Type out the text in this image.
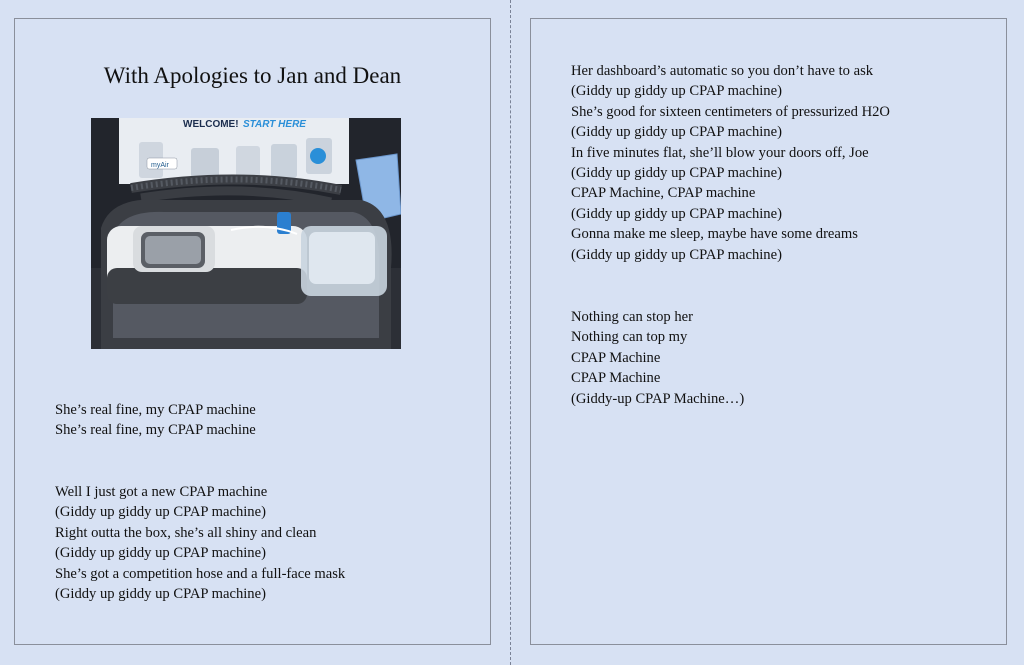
With Apologies to Jan and Dean
WELCOME! START HERE
myAir
She’s real fine, my CPAP machine
She’s real fine, my CPAP machine
Well I just got a new CPAP machine
(Giddy up giddy up CPAP machine)
Right outta the box, she’s all shiny and clean
(Giddy up giddy up CPAP machine)
She’s got a competition hose and a full-face mask
(Giddy up giddy up CPAP machine)
Her dashboard’s automatic so you don’t have to ask
(Giddy up giddy up CPAP machine)
She’s good for sixteen centimeters of pressurized H2O
(Giddy up giddy up CPAP machine)
In five minutes flat, she’ll blow your doors off, Joe
(Giddy up giddy up CPAP machine)
CPAP Machine, CPAP machine
(Giddy up giddy up CPAP machine)
Gonna make me sleep, maybe have some dreams
(Giddy up giddy up CPAP machine)
Nothing can stop her
Nothing can top my
CPAP Machine
CPAP Machine
(Giddy-up CPAP Machine…)
